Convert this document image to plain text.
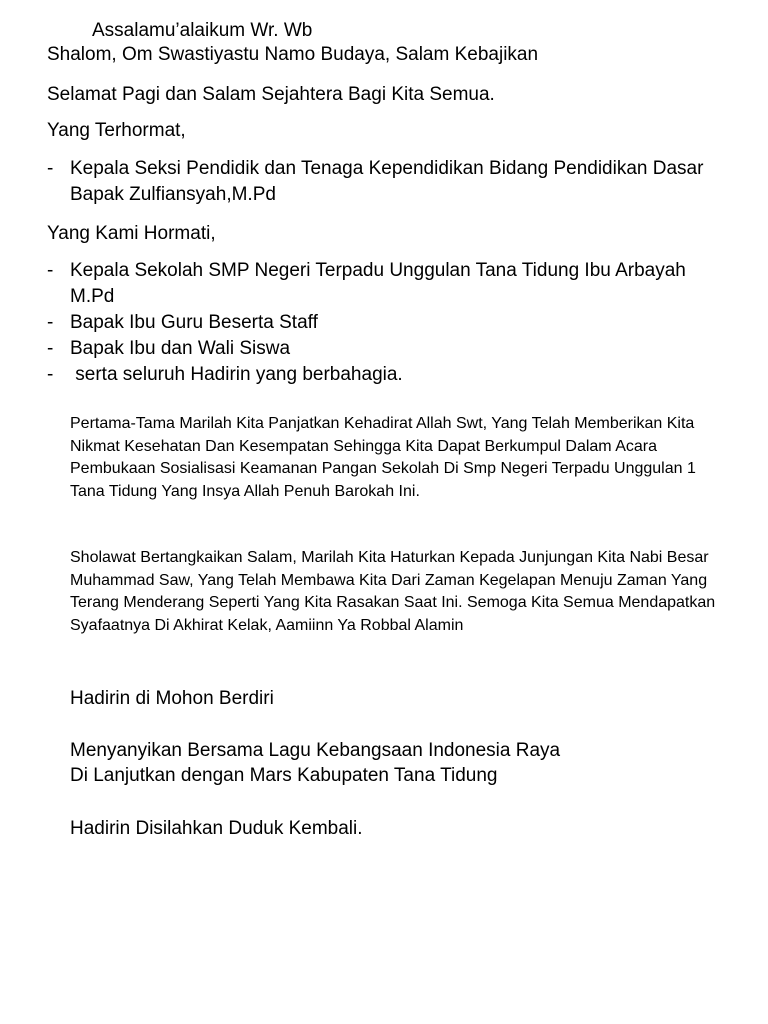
Assalamu’alaikum Wr. Wb
Shalom, Om Swastiyastu Namo Budaya, Salam Kebajikan
Selamat Pagi dan Salam Sejahtera Bagi Kita Semua.
Yang Terhormat,
- Kepala Seksi Pendidik dan Tenaga Kependidikan Bidang Pendidikan Dasar Bapak Zulfiansyah,M.Pd
Yang Kami Hormati,
- Kepala Sekolah SMP Negeri Terpadu Unggulan Tana Tidung Ibu Arbayah M.Pd
- Bapak Ibu Guru Beserta Staff
- Bapak Ibu dan Wali Siswa
- serta seluruh Hadirin yang berbahagia.
Pertama-Tama Marilah Kita Panjatkan Kehadirat Allah Swt, Yang Telah Memberikan Kita Nikmat Kesehatan Dan Kesempatan Sehingga Kita Dapat Berkumpul Dalam Acara Pembukaan Sosialisasi Keamanan Pangan Sekolah Di Smp Negeri Terpadu Unggulan 1 Tana Tidung Yang Insya Allah Penuh Barokah Ini.
Sholawat Bertangkaikan Salam, Marilah Kita Haturkan Kepada Junjungan Kita Nabi Besar Muhammad Saw, Yang Telah Membawa Kita Dari Zaman Kegelapan Menuju Zaman Yang Terang Menderang Seperti Yang Kita Rasakan Saat Ini. Semoga Kita Semua Mendapatkan Syafaatnya Di Akhirat Kelak, Aamiinn Ya Robbal Alamin
Hadirin di Mohon Berdiri
Menyanyikan Bersama Lagu Kebangsaan Indonesia Raya
Di Lanjutkan dengan Mars Kabupaten Tana Tidung
Hadirin Disilahkan Duduk Kembali.
